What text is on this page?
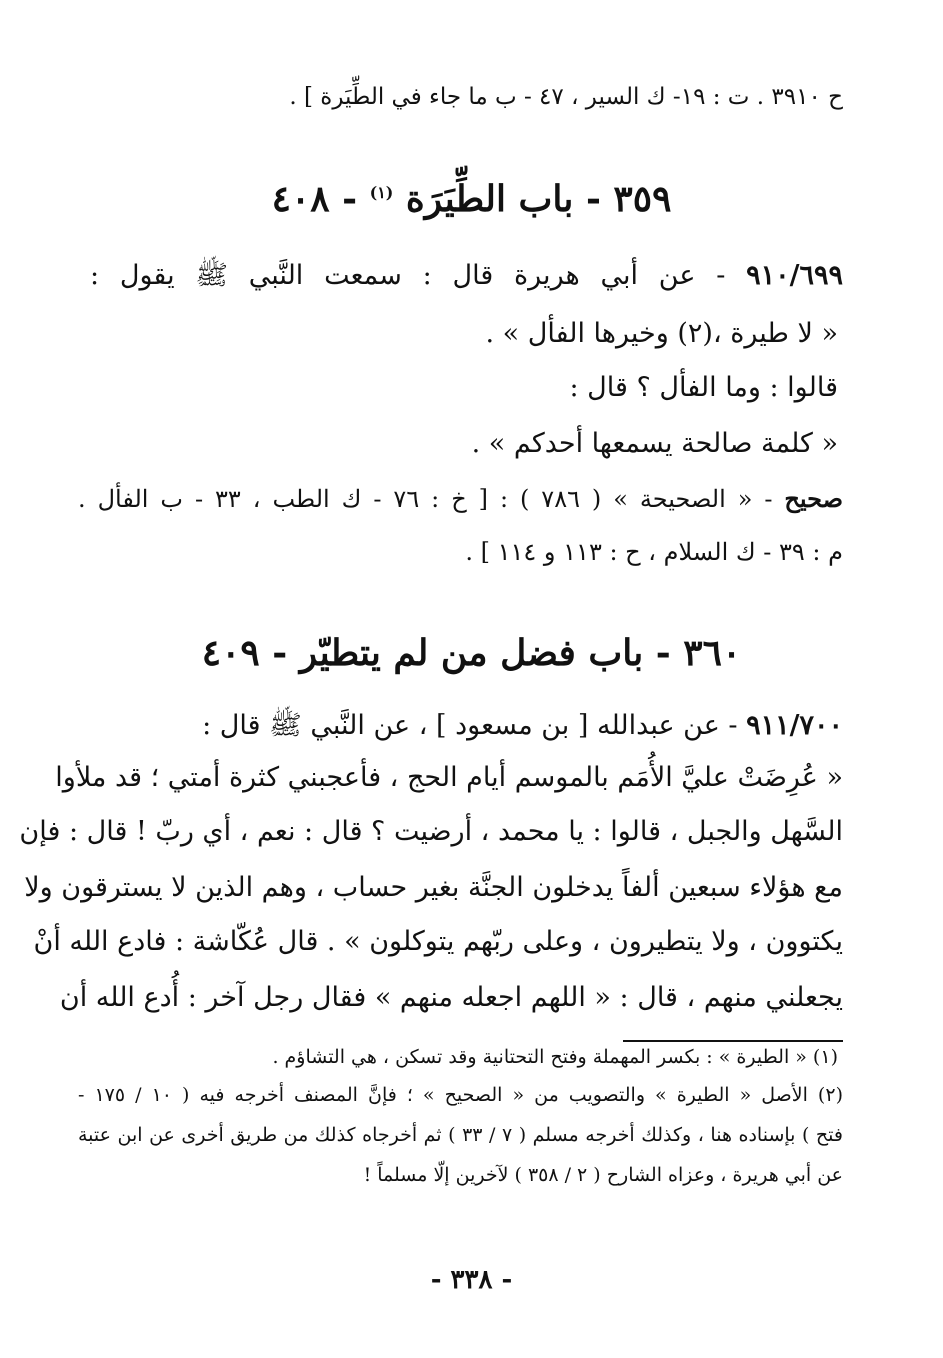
ح ٣٩١٠ . ت : ١٩- ك السير ، ٤٧ - ب ما جاء في الطِّيَرة ] .
٣٥٩ - باب الطِّيَرَة $^{(١)}$ - ٤٠٨
٩١٠/٦٩٩ - عن أبي هريرة قال : سمعت النَّبي ﷺ يقول :
« لا طيرة ،(٢) وخيرها الفأل » .
قالوا : وما الفأل ؟ قال :
« كلمة صالحة يسمعها أحدكم » .
صحيح - « الصحيحة » ( ٧٨٦ ) : [ خ : ٧٦ - ك الطب ، ٣٣ - ب الفأل .
م : ٣٩ - ك السلام ، ح : ١١٣ و ١١٤ ] .
٣٦٠ - باب فضل من لم يتطيّر - ٤٠٩
٩١١/٧٠٠ - عن عبدالله [ بن مسعود ] ، عن النَّبي ﷺ قال :
« عُرِضَتْ عليَّ الأُمَم بالموسم أيام الحج ، فأعجبني كثرة أمتي ؛ قد ملأوا
السَّهل والجبل ، قالوا : يا محمد ، أرضيت ؟ قال : نعم ، أي ربّ ! قال : فإن
مع هؤلاء سبعين ألفاً يدخلون الجنَّة بغير حساب ، وهم الذين لا يسترقون ولا
يكتوون ، ولا يتطيرون ، وعلى ربّهم يتوكلون » . قال عُكّاشة : فادع الله أنْ
يجعلني منهم ، قال : « اللهم اجعله منهم » فقال رجل آخر : أُدع الله أن
(١) « الطيرة » : بكسر المهملة وفتح التحتانية وقد تسكن ، هي التشاؤم .
(٢) الأصل « الطيرة » والتصويب من « الصحيح » ؛ فإنَّ المصنف أخرجه فيه ( ١٠ / ١٧٥ -
فتح ) بإسناده هنا ، وكذلك أخرجه مسلم ( ٧ / ٣٣ ) ثم أخرجاه كذلك من طريق أخرى عن ابن عتبة
عن أبي هريرة ، وعزاه الشارح ( ٢ / ٣٥٨ ) لآخرين إلّا مسلماً !
- ٣٣٨ -
